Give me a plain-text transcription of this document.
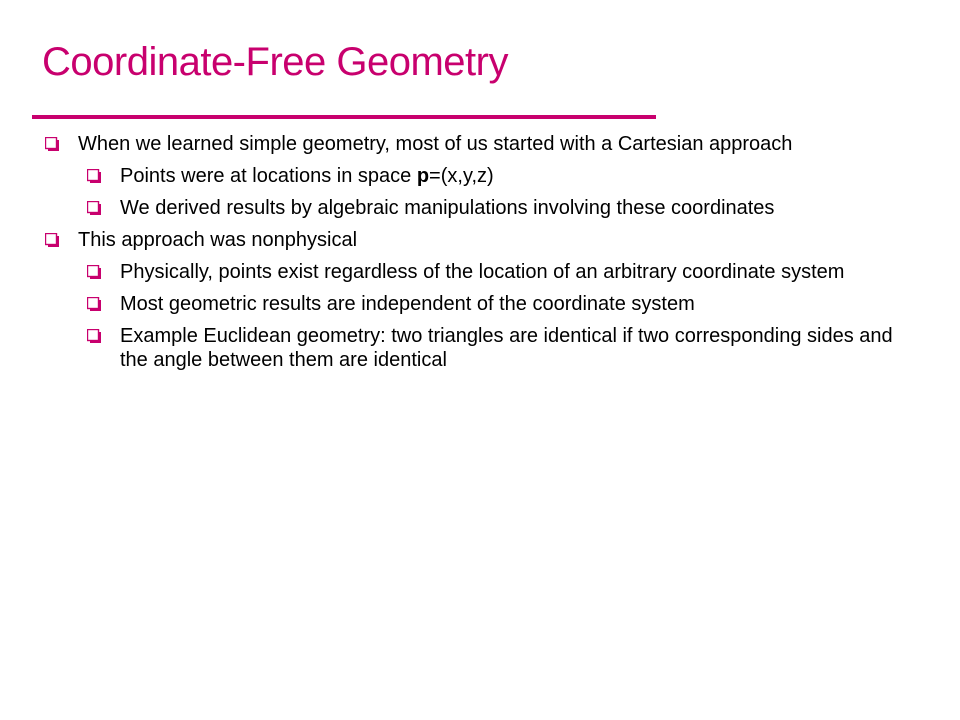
Coordinate-Free Geometry
When we learned simple geometry, most of us started with a Cartesian approach
Points were at locations in space p=(x,y,z)
We derived results by algebraic manipulations involving these coordinates
This approach was nonphysical
Physically, points exist regardless of the location of an arbitrary coordinate system
Most geometric results are independent of the coordinate system
Example Euclidean geometry: two triangles are identical if two corresponding sides and the angle between them are identical
